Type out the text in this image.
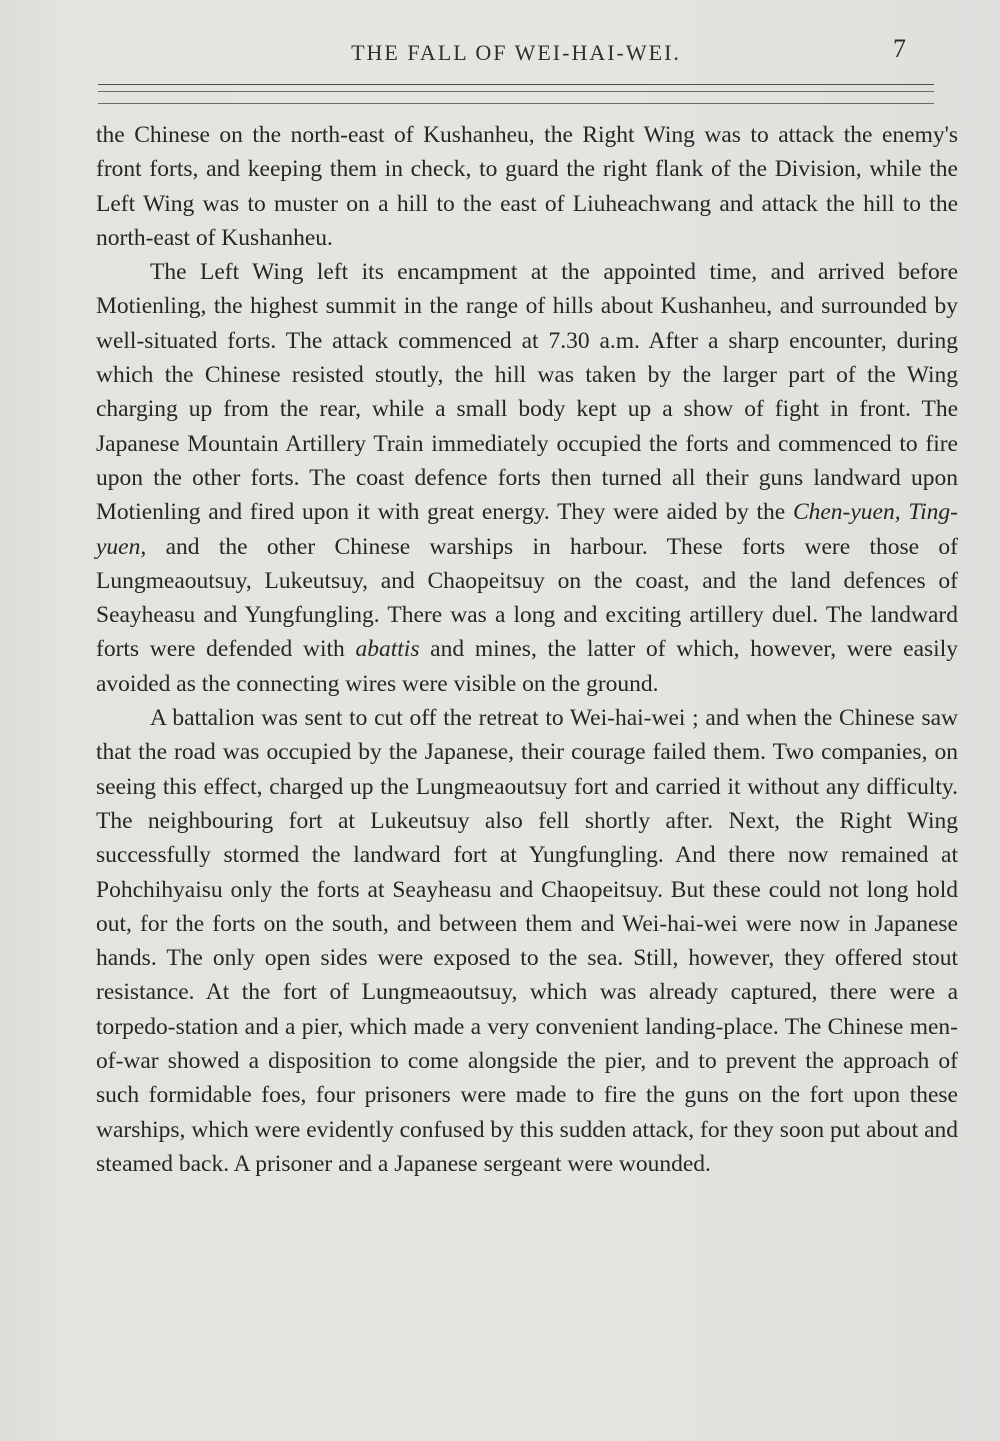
THE FALL OF WEI-HAI-WEI.	7

the Chinese on the north-east of Kushanheu, the Right Wing was to attack the enemy's front forts, and keeping them in check, to guard the right flank of the Division, while the Left Wing was to muster on a hill to the east of Liuheachwang and attack the hill to the north-east of Kushanheu.

The Left Wing left its encampment at the appointed time, and arrived before Motienling, the highest summit in the range of hills about Kushanheu, and surrounded by well-situated forts. The attack commenced at 7.30 a.m. After a sharp encounter, during which the Chinese resisted stoutly, the hill was taken by the larger part of the Wing charging up from the rear, while a small body kept up a show of fight in front. The Japanese Mountain Artillery Train immediately occupied the forts and commenced to fire upon the other forts. The coast defence forts then turned all their guns landward upon Motienling and fired upon it with great energy. They were aided by the Chen-yuen, Ting-yuen, and the other Chinese warships in harbour. These forts were those of Lungmeaoutsuy, Lukeutsuy, and Chaopeitsuy on the coast, and the land defences of Seayheasu and Yungfungling. There was a long and exciting artillery duel. The landward forts were defended with abattis and mines, the latter of which, however, were easily avoided as the connecting wires were visible on the ground.

A battalion was sent to cut off the retreat to Wei-hai-wei ; and when the Chinese saw that the road was occupied by the Japanese, their courage failed them. Two companies, on seeing this effect, charged up the Lungmeaoutsuy fort and carried it without any difficulty. The neighbouring fort at Lukeutsuy also fell shortly after. Next, the Right Wing successfully stormed the landward fort at Yungfungling. And there now remained at Pohchihyaisu only the forts at Seayheasu and Chaopeitsuy. But these could not long hold out, for the forts on the south, and between them and Wei-hai-wei were now in Japanese hands. The only open sides were exposed to the sea. Still, however, they offered stout resistance. At the fort of Lungmeaoutsuy, which was already captured, there were a torpedo-station and a pier, which made a very convenient landing-place. The Chinese men-of-war showed a disposition to come alongside the pier, and to prevent the approach of such formidable foes, four prisoners were made to fire the guns on the fort upon these warships, which were evidently confused by this sudden attack, for they soon put about and steamed back. A prisoner and a Japanese sergeant were wounded.
